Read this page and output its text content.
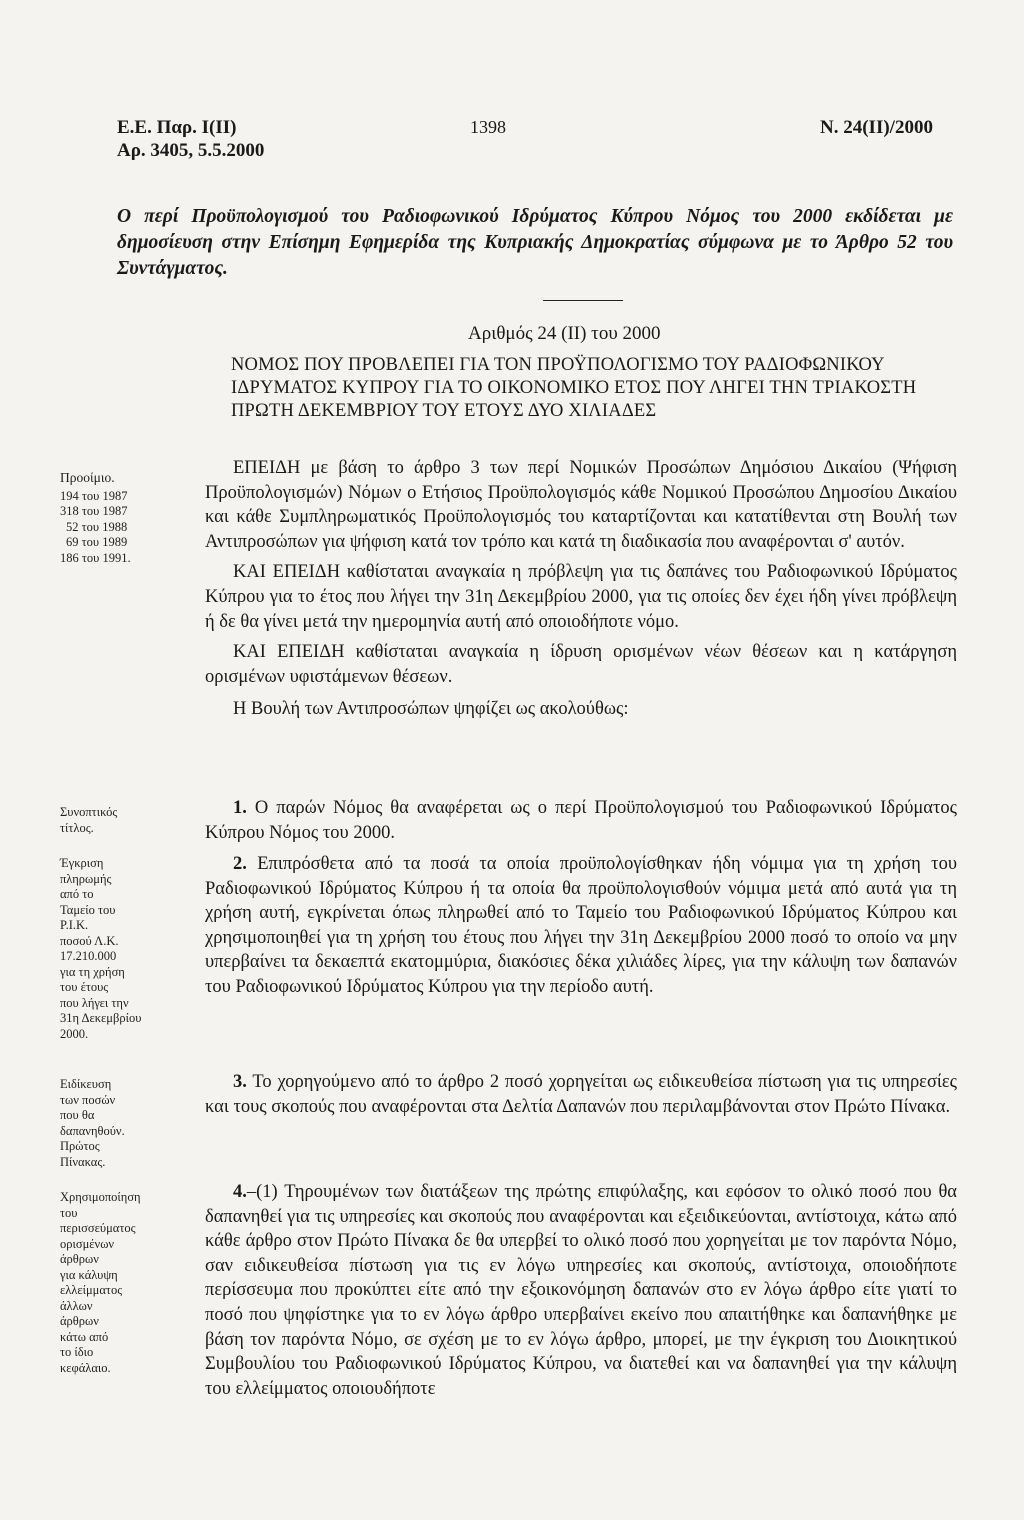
Ε.Ε. Παρ. Ι(ΙΙ)
Αρ. 3405, 5.5.2000
1398	Ν. 24(ΙΙ)/2000
Ο περί Προϋπολογισμού του Ραδιοφωνικού Ιδρύματος Κύπρου Νόμος του 2000 εκδίδεται με δημοσίευση στην Επίσημη Εφημερίδα της Κυπριακής Δημοκρατίας σύμφωνα με το Άρθρο 52 του Συντάγματος.
Αριθμός 24 (ΙΙ) του 2000
ΝΟΜΟΣ ΠΟΥ ΠΡΟΒΛΕΠΕΙ ΓΙΑ ΤΟΝ ΠΡΟΫΠΟΛΟΓΙΣΜΟ ΤΟΥ ΡΑΔΙΟΦΩΝΙΚΟΥ ΙΔΡΥΜΑΤΟΣ ΚΥΠΡΟΥ ΓΙΑ ΤΟ ΟΙΚΟΝΟΜΙΚΟ ΕΤΟΣ ΠΟΥ ΛΗΓΕΙ ΤΗΝ ΤΡΙΑΚΟΣΤΗ ΠΡΩΤΗ ΔΕΚΕΜΒΡΙΟΥ ΤΟΥ ΕΤΟΥΣ ΔΥΟ ΧΙΛΙΑΔΕΣ

ΕΠΕΙΔΗ με βάση το άρθρο 3 των περί Νομικών Προσώπων Δημόσιου Δικαίου (Ψήφιση Προϋπολογισμών) Νόμων ο Ετήσιος Προϋπολογισμός κάθε Νομικού Προσώπου Δημοσίου Δικαίου και κάθε Συμπληρωματικός Προϋπολογισμός του καταρτίζονται και κατατίθενται στη Βουλή των Αντιπροσώπων για ψήφιση κατά τον τρόπο και κατά τη διαδικασία που αναφέρονται σ' αυτόν.

ΚΑΙ ΕΠΕΙΔΗ καθίσταται αναγκαία η πρόβλεψη για τις δαπάνες του Ραδιοφωνικού Ιδρύματος Κύπρου για το έτος που λήγει την 31η Δεκεμβρίου 2000, για τις οποίες δεν έχει ήδη γίνει πρόβλεψη ή δε θα γίνει μετά την ημερομηνία αυτή από οποιοδήποτε νόμο.

ΚΑΙ ΕΠΕΙΔΗ καθίσταται αναγκαία η ίδρυση ορισμένων νέων θέσεων και η κατάργηση ορισμένων υφιστάμενων θέσεων.

Η Βουλή των Αντιπροσώπων ψηφίζει ως ακολούθως:

1. Ο παρών Νόμος θα αναφέρεται ως ο περί Προϋπολογισμού του Ραδιοφωνικού Ιδρύματος Κύπρου Νόμος του 2000.

2. Επιπρόσθετα από τα ποσά τα οποία προϋπολογίσθηκαν ήδη νόμιμα για τη χρήση του Ραδιοφωνικού Ιδρύματος Κύπρου ή τα οποία θα προϋπολογισθούν νόμιμα μετά από αυτά για τη χρήση αυτή, εγκρίνεται όπως πληρωθεί από το Ταμείο του Ραδιοφωνικού Ιδρύματος Κύπρου και χρησιμοποιηθεί για τη χρήση του έτους που λήγει την 31η Δεκεμβρίου 2000 ποσό το οποίο να μην υπερβαίνει τα δεκαεπτά εκατομμύρια, διακόσιες δέκα χιλιάδες λίρες, για την κάλυψη των δαπανών του Ραδιοφωνικού Ιδρύματος Κύπρου για την περίοδο αυτή.

3. Το χορηγούμενο από το άρθρο 2 ποσό χορηγείται ως ειδικευθείσα πίστωση για τις υπηρεσίες και τους σκοπούς που αναφέρονται στα Δελτία Δαπανών που περιλαμβάνονται στον Πρώτο Πίνακα.

4.–(1) Τηρουμένων των διατάξεων της πρώτης επιφύλαξης, και εφόσον το ολικό ποσό που θα δαπανηθεί για τις υπηρεσίες και σκοπούς που αναφέρονται και εξειδικεύονται, αντίστοιχα, κάτω από κάθε άρθρο στον Πρώτο Πίνακα δε θα υπερβεί το ολικό ποσό που χορηγείται με τον παρόντα Νόμο, σαν ειδικευθείσα πίστωση για τις εν λόγω υπηρεσίες και σκοπούς, αντίστοιχα, οποιοδήποτε περίσσευμα που προκύπτει είτε από την εξοικονόμηση δαπανών στο εν λόγω άρθρο είτε γιατί το ποσό που ψηφίστηκε για το εν λόγω άρθρο υπερβαίνει εκείνο που απαιτήθηκε και δαπανήθηκε με βάση τον παρόντα Νόμο, σε σχέση με το εν λόγω άρθρο, μπορεί, με την έγκριση του Διοικητικού Συμβουλίου του Ραδιοφωνικού Ιδρύματος Κύπρου, να διατεθεί και να δαπανηθεί για την κάλυψη του ελλείμματος οποιουδήποτε

Προοίμιο.
194 του 1987
318 του 1987
52 του 1988
69 του 1989
186 του 1991.
Συνοπτικός
τίτλος.
Έγκριση
πληρωμής
από το
Ταμείο του
Ρ.Ι.Κ.
ποσού Λ.Κ.
17.210.000
για τη χρήση
του έτους
που λήγει την
31η Δεκεμβρίου
2000.
Ειδίκευση
των ποσών
που θα
δαπανηθούν.
Πρώτος
Πίνακας.
Χρησιμοποίηση
του
περισσεύματος
ορισμένων
άρθρων
για κάλυψη
ελλείμματος
άλλων
άρθρων
κάτω από
το ίδιο
κεφάλαιο.
